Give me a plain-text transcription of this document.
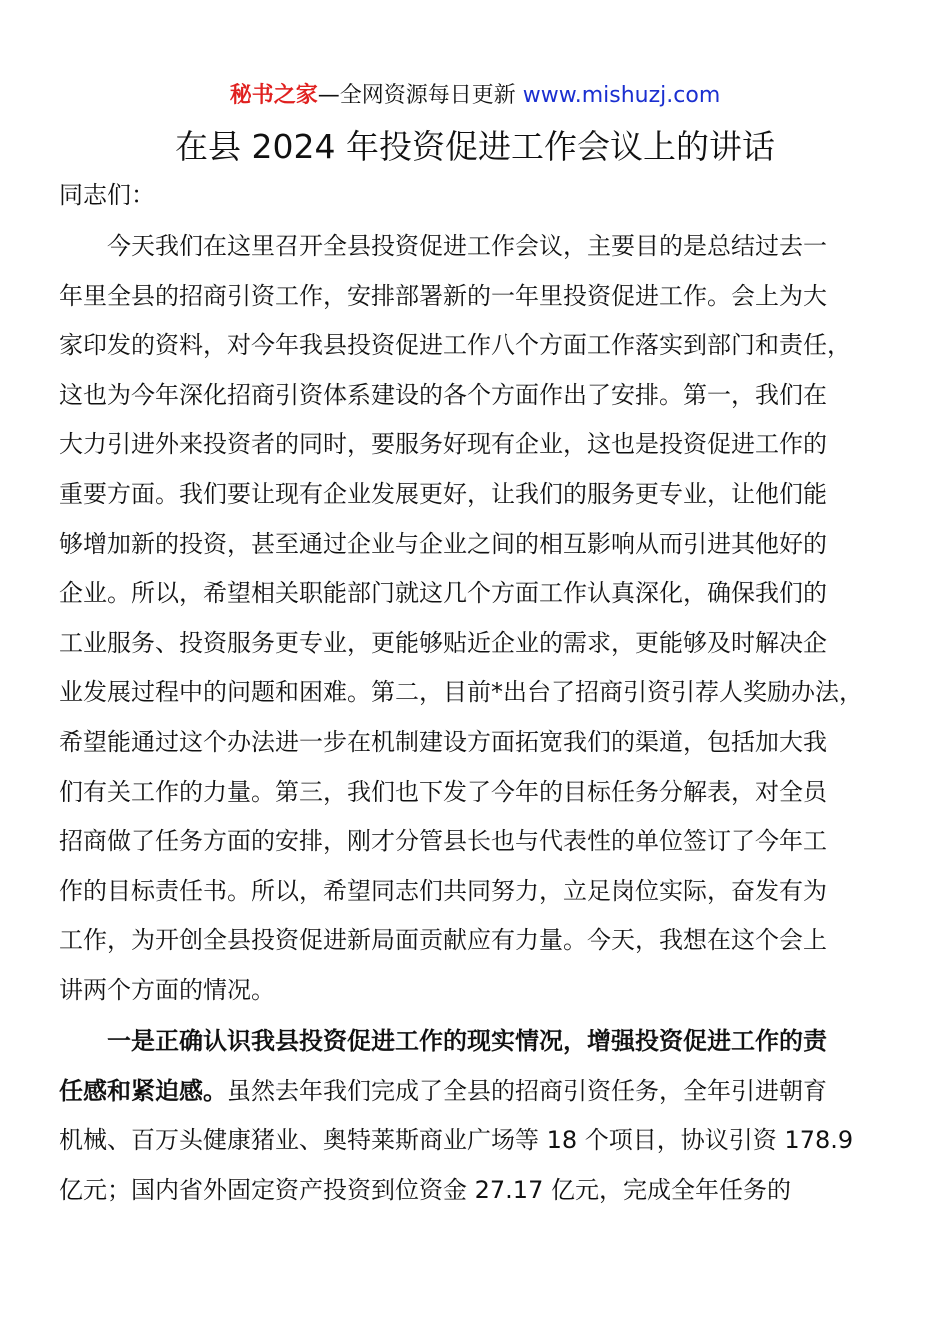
秘书之家—全网资源每日更新 www.mishuzj.com
在县 2024 年投资促进工作会议上的讲话
同志们：
今天我们在这里召开全县投资促进工作会议，主要目的是总结过去一
年里全县的招商引资工作，安排部署新的一年里投资促进工作。会上为大
家印发的资料，对今年我县投资促进工作八个方面工作落实到部门和责任，
这也为今年深化招商引资体系建设的各个方面作出了安排。第一，我们在
大力引进外来投资者的同时，要服务好现有企业，这也是投资促进工作的
重要方面。我们要让现有企业发展更好，让我们的服务更专业，让他们能
够增加新的投资，甚至通过企业与企业之间的相互影响从而引进其他好的
企业。所以，希望相关职能部门就这几个方面工作认真深化，确保我们的
工业服务、投资服务更专业，更能够贴近企业的需求，更能够及时解决企
业发展过程中的问题和困难。第二，目前*出台了招商引资引荐人奖励办法，
希望能通过这个办法进一步在机制建设方面拓宽我们的渠道，包括加大我
们有关工作的力量。第三，我们也下发了今年的目标任务分解表，对全员
招商做了任务方面的安排，刚才分管县长也与代表性的单位签订了今年工
作的目标责任书。所以，希望同志们共同努力，立足岗位实际，奋发有为
工作，为开创全县投资促进新局面贡献应有力量。今天，我想在这个会上
讲两个方面的情况。
一是正确认识我县投资促进工作的现实情况，增强投资促进工作的责
任感和紧迫感。虽然去年我们完成了全县的招商引资任务，全年引进朝育
机械、百万头健康猪业、奥特莱斯商业广场等 18 个项目，协议引资 178.9
亿元；国内省外固定资产投资到位资金 27.17 亿元，完成全年任务的
